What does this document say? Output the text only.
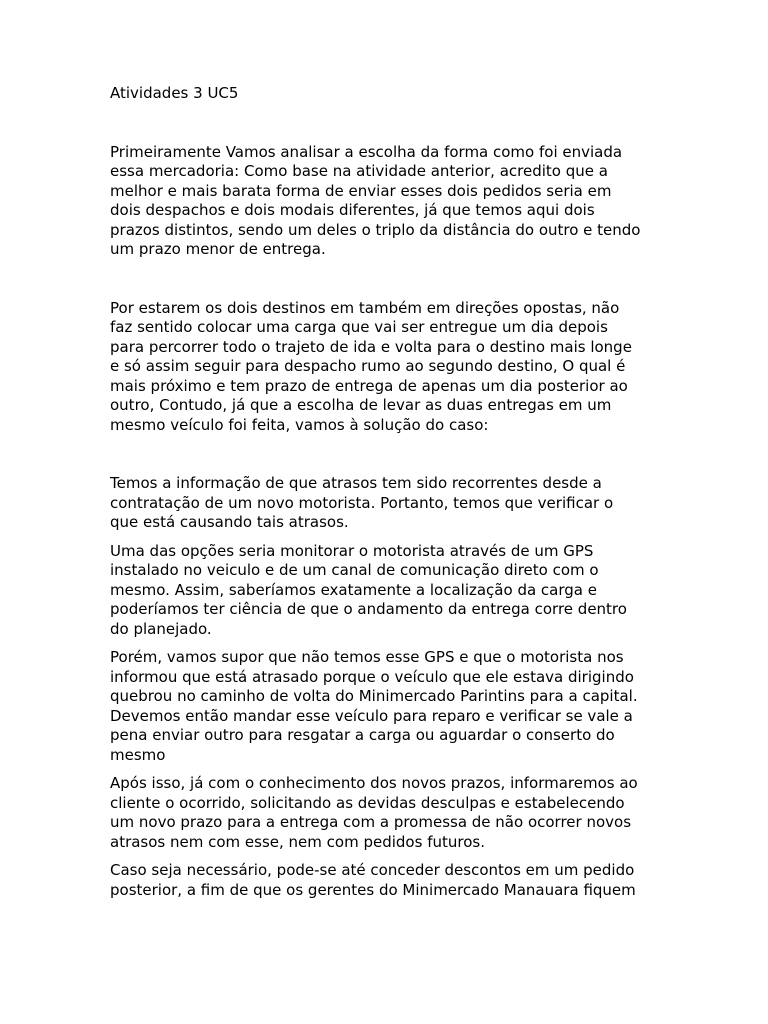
Atividades 3 UC5

Primeiramente Vamos analisar a escolha da forma como foi enviada
essa mercadoria: Como base na atividade anterior, acredito que a
melhor e mais barata forma de enviar esses dois pedidos seria em
dois despachos e dois modais diferentes, já que temos aqui dois
prazos distintos, sendo um deles o triplo da distância do outro e tendo
um prazo menor de entrega.

Por estarem os dois destinos em também em direções opostas, não
faz sentido colocar uma carga que vai ser entregue um dia depois
para percorrer todo o trajeto de ida e volta para o destino mais longe
e só assim seguir para despacho rumo ao segundo destino, O qual é
mais próximo e tem prazo de entrega de apenas um dia posterior ao
outro, Contudo, já que a escolha de levar as duas entregas em um
mesmo veículo foi feita, vamos à solução do caso:

Temos a informação de que atrasos tem sido recorrentes desde a
contratação de um novo motorista. Portanto, temos que verificar o
que está causando tais atrasos.

Uma das opções seria monitorar o motorista através de um GPS
instalado no veiculo e de um canal de comunicação direto com o
mesmo. Assim, saberíamos exatamente a localização da carga e
poderíamos ter ciência de que o andamento da entrega corre dentro
do planejado.

Porém, vamos supor que não temos esse GPS e que o motorista nos
informou que está atrasado porque o veículo que ele estava dirigindo
quebrou no caminho de volta do Minimercado Parintins para a capital.
Devemos então mandar esse veículo para reparo e verificar se vale a
pena enviar outro para resgatar a carga ou aguardar o conserto do
mesmo

Após isso, já com o conhecimento dos novos prazos, informaremos ao
cliente o ocorrido, solicitando as devidas desculpas e estabelecendo
um novo prazo para a entrega com a promessa de não ocorrer novos
atrasos nem com esse, nem com pedidos futuros.

Caso seja necessário, pode-se até conceder descontos em um pedido
posterior, a fim de que os gerentes do Minimercado Manauara fiquem
